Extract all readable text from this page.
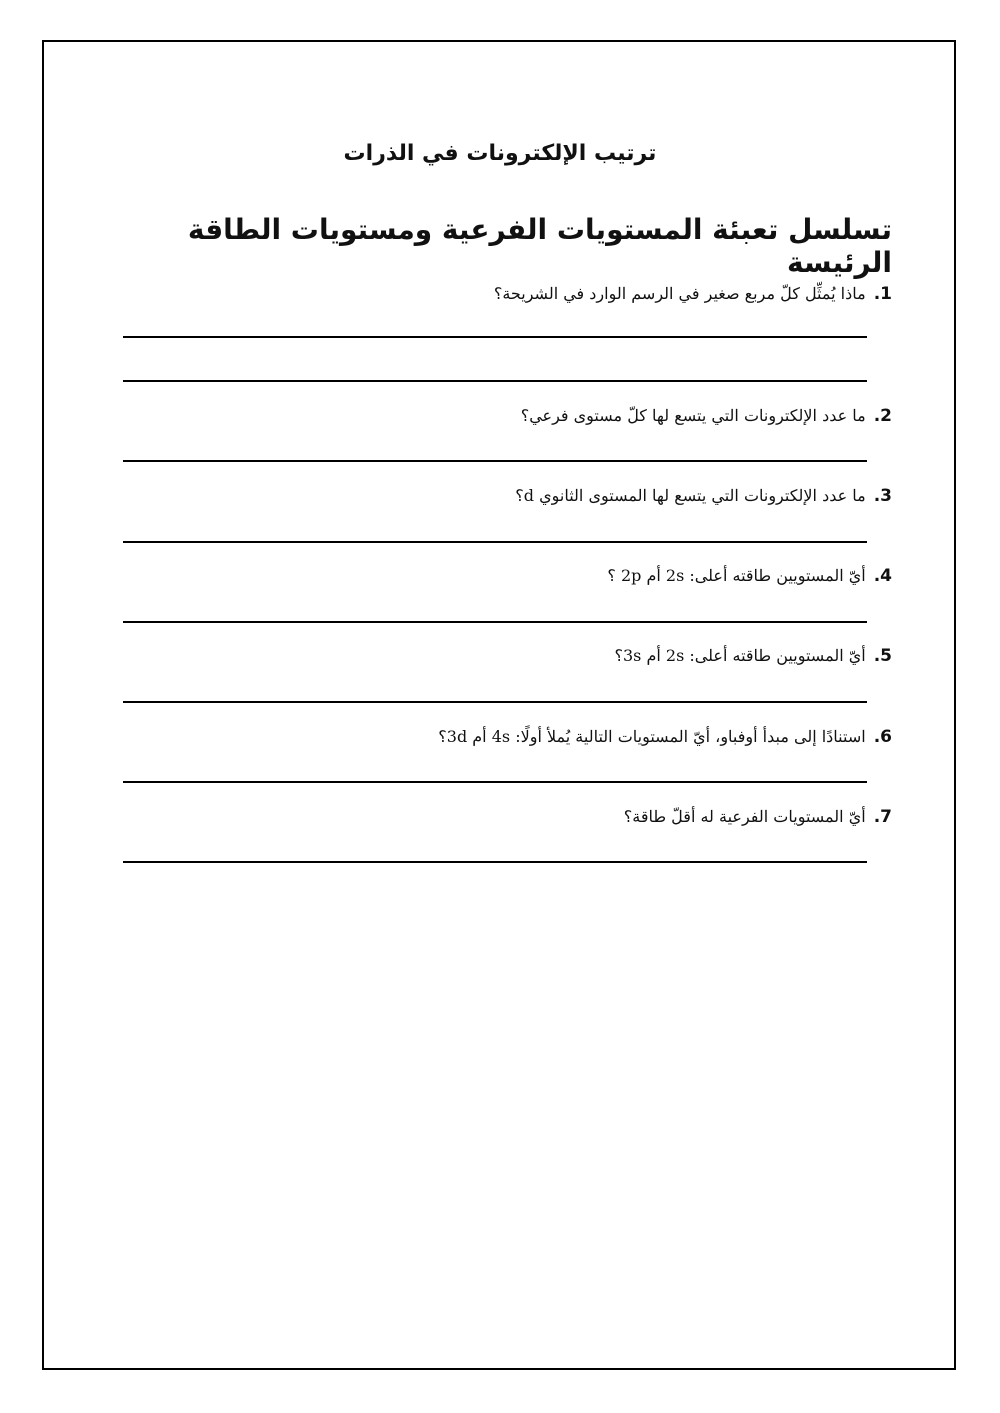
ترتيب الإلكترونات في الذرات
تسلسل تعبئة المستويات الفرعية ومستويات الطاقة الرئيسة
1.ماذا يُمثِّل كلّ مربع صغير في الرسم الوارد في الشريحة؟
2.ما عدد الإلكترونات التي يتسع لها كلّ مستوى فرعي؟
3.ما عدد الإلكترونات التي يتسع لها المستوى الثانوي d؟
4.أيّ المستويين طاقته أعلى: 2s أم 2p ؟
5.أيّ المستويين طاقته أعلى: 2s أم 3s؟
6.استنادًا إلى مبدأ أوفباو، أيّ المستويات التالية يُملأ أولًا: 4s أم 3d؟
7.أيّ المستويات الفرعية له أقلّ طاقة؟
